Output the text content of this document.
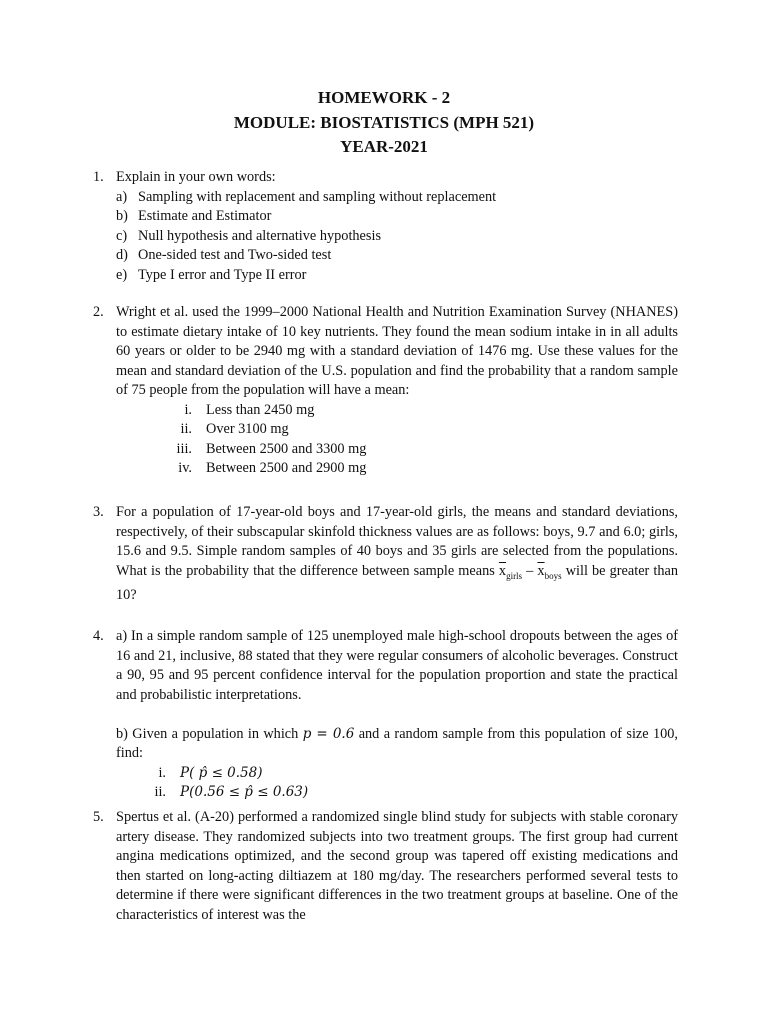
HOMEWORK - 2
MODULE: BIOSTATISTICS (MPH 521)
YEAR-2021
1. Explain in your own words:

a) Sampling with replacement and sampling without replacement
b) Estimate and Estimator
c) Null hypothesis and alternative hypothesis
d) One-sided test and Two-sided test
e) Type I error and Type II error
2. Wright et al. used the 1999–2000 National Health and Nutrition Examination Survey (NHANES) to estimate dietary intake of 10 key nutrients. They found the mean sodium intake in in all adults 60 years or older to be 2940 mg with a standard deviation of 1476 mg. Use these values for the mean and standard deviation of the U.S. population and find the probability that a random sample of 75 people from the population will have a mean:

i. Less than 2450 mg
ii. Over 3100 mg
iii. Between 2500 and 3300 mg
iv. Between 2500 and 2900 mg
3. For a population of 17-year-old boys and 17-year-old girls, the means and standard deviations, respectively, of their subscapular skinfold thickness values are as follows: boys, 9.7 and 6.0; girls, 15.6 and 9.5. Simple random samples of 40 boys and 35 girls are selected from the populations. What is the probability that the difference between sample means $\overline{x}_{girls} - \overline{x}_{boys}$ will be greater than 10?

4. a) In a simple random sample of 125 unemployed male high-school dropouts between the ages of 16 and 21, inclusive, 88 stated that they were regular consumers of alcoholic beverages. Construct a 90, 95 and 95 percent confidence interval for the population proportion and state the practical and probabilistic interpretations.

b) Given a population in which p = 0.6 and a random sample from this population of size 100, find:

i. P( p̂ ≤ 0.58)
ii. P(0.56 ≤ p̂ ≤ 0.63)
5. Spertus et al. (A-20) performed a randomized single blind study for subjects with stable coronary artery disease. They randomized subjects into two treatment groups. The first group had current angina medications optimized, and the second group was tapered off existing medications and then started on long-acting diltiazem at 180 mg/day. The researchers performed several tests to determine if there were significant differences in the two treatment groups at baseline. One of the characteristics of interest was the
